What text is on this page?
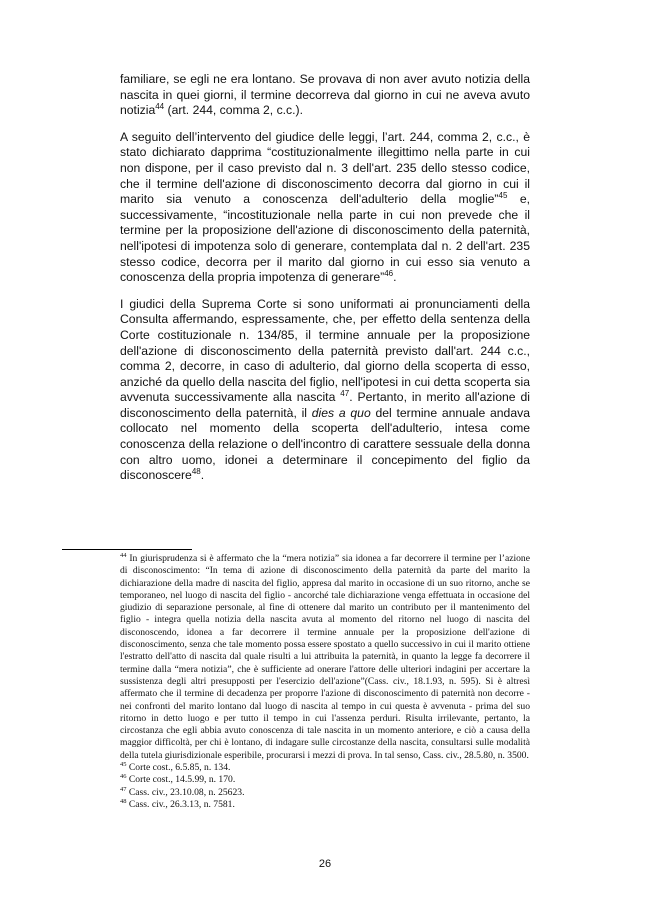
familiare, se egli ne era lontano. Se provava di non aver avuto notizia della nascita in quei giorni, il termine decorreva dal giorno in cui ne aveva avuto notizia$^{44}$ (art. 244, comma 2, c.c.).

A seguito dell’intervento del giudice delle leggi, l’art. 244, comma 2, c.c., è stato dichiarato dapprima “costituzionalmente illegittimo nella parte in cui non dispone, per il caso previsto dal n. 3 dell'art. 235 dello stesso codice, che il termine dell'azione di disconoscimento decorra dal giorno in cui il marito sia venuto a conoscenza dell'adulterio della moglie”$^{45}$ e, successivamente, “incostituzionale nella parte in cui non prevede che il termine per la proposizione dell'azione di disconoscimento della paternità, nell'ipotesi di impotenza solo di generare, contemplata dal n. 2 dell'art. 235 stesso codice, decorra per il marito dal giorno in cui esso sia venuto a conoscenza della propria impotenza di generare”$^{46}$.

I giudici della Suprema Corte si sono uniformati ai pronunciamenti della Consulta affermando, espressamente, che, per effetto della sentenza della Corte costituzionale n. 134/85, il termine annuale per la proposizione dell'azione di disconoscimento della paternità previsto dall'art. 244 c.c., comma 2, decorre, in caso di adulterio, dal giorno della scoperta di esso, anziché da quello della nascita del figlio, nell'ipotesi in cui detta scoperta sia avvenuta successivamente alla nascita $^{47}$. Pertanto, in merito all'azione di disconoscimento della paternità, il dies a quo del termine annuale andava collocato nel momento della scoperta dell'adulterio, intesa come conoscenza della relazione o dell'incontro di carattere sessuale della donna con altro uomo, idonei a determinare il concepimento del figlio da disconoscere$^{48}$.

$^{44}$ In giurisprudenza si è affermato che la “mera notizia” sia idonea a far decorrere il termine per l’azione di disconoscimento: “In tema di azione di disconoscimento della paternità da parte del marito la dichiarazione della madre di nascita del figlio, appresa dal marito in occasione di un suo ritorno, anche se temporaneo, nel luogo di nascita del figlio - ancorché tale dichiarazione venga effettuata in occasione del giudizio di separazione personale, al fine di ottenere dal marito un contributo per il mantenimento del figlio - integra quella notizia della nascita avuta al momento del ritorno nel luogo di nascita del disconoscendo, idonea a far decorrere il termine annuale per la proposizione dell'azione di disconoscimento, senza che tale momento possa essere spostato a quello successivo in cui il marito ottiene l'estratto dell'atto di nascita dal quale risulti a lui attribuita la paternità, in quanto la legge fa decorrere il termine dalla “mera notizia”, che è sufficiente ad onerare l'attore delle ulteriori indagini per accertare la sussistenza degli altri presupposti per l'esercizio dell'azione”(Cass. civ., 18.1.93, n. 595). Si è altresì affermato che il termine di decadenza per proporre l'azione di disconoscimento di paternità non decorre - nei confronti del marito lontano dal luogo di nascita al tempo in cui questa è avvenuta - prima del suo ritorno in detto luogo e per tutto il tempo in cui l'assenza perduri. Risulta irrilevante, pertanto, la circostanza che egli abbia avuto conoscenza di tale nascita in un momento anteriore, e ciò a causa della maggior difficoltà, per chi è lontano, di indagare sulle circostanze della nascita, consultarsi sulle modalità della tutela giurisdizionale esperibile, procurarsi i mezzi di prova. In tal senso, Cass. civ., 28.5.80, n. 3500.

$^{45}$ Corte cost., 6.5.85, n. 134.

$^{46}$ Corte cost., 14.5.99, n. 170.

$^{47}$ Cass. civ., 23.10.08, n. 25623.

$^{48}$ Cass. civ., 26.3.13, n. 7581.

26
